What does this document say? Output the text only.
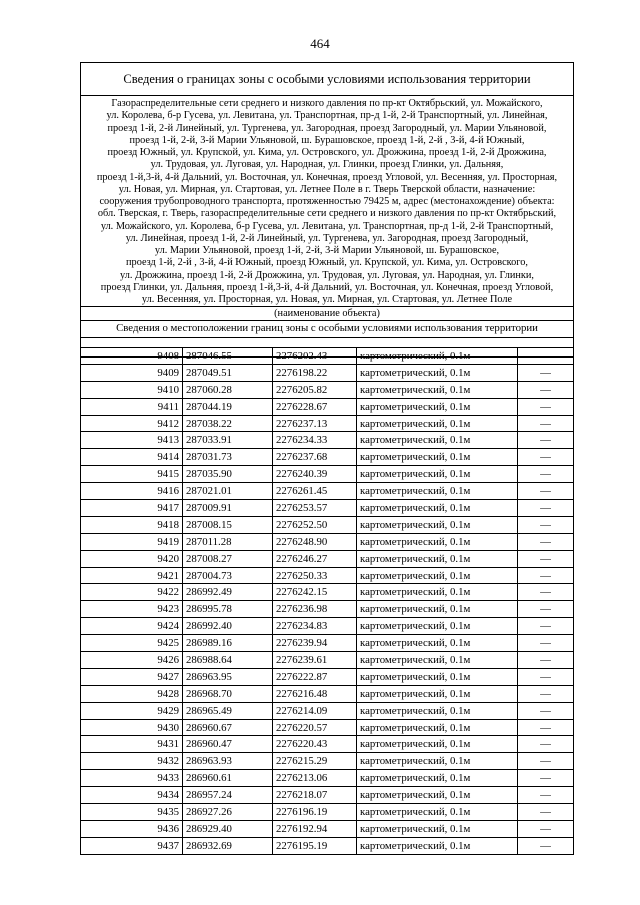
464
Сведения о границах зоны с особыми условиями использования территории
Газораспределительные сети среднего и низкого давления по пр-кт Октябрьский, ул. Можайского,
ул. Королева, б-р Гусева, ул. Левитана, ул. Транспортная, пр-д 1-й, 2-й Транспортный, ул. Линейная,
проезд 1-й, 2-й Линейный, ул. Тургенева, ул. Загородная, проезд Загородный, ул. Марии Ульяновой,
проезд 1-й, 2-й, 3-й Марии Ульяновой, ш. Бурашовское, проезд 1-й, 2-й , 3-й, 4-й Южный,
проезд Южный, ул. Крупской, ул. Кима, ул. Островского, ул. Дрожжина, проезд 1-й, 2-й Дрожжина,
ул. Трудовая, ул. Луговая, ул. Народная, ул. Глинки, проезд Глинки, ул. Дальняя,
проезд 1-й,3-й, 4-й Дальний, ул. Восточная, ул. Конечная, проезд Угловой, ул. Весенняя, ул. Просторная,
ул. Новая, ул. Мирная, ул. Стартовая, ул. Летнее Поле в г. Тверь Тверской области, назначение:
сооружения трубопроводного транспорта, протяженностью 79425 м, адрес (местонахождение) объекта:
обл. Тверская, г. Тверь, газораспределительные сети среднего и низкого давления по пр-кт Октябрьский,
ул. Можайского, ул. Королева, б-р Гусева, ул. Левитана, ул. Транспортная, пр-д 1-й, 2-й Транспортный,
ул. Линейная, проезд 1-й, 2-й Линейный, ул. Тургенева, ул. Загородная, проезд Загородный,
ул. Марии Ульяновой, проезд 1-й, 2-й, 3-й Марии Ульяновой, ш. Бурашовское,
проезд 1-й, 2-й , 3-й, 4-й Южный, проезд Южный, ул. Крупской, ул. Кима, ул. Островского,
ул. Дрожжина, проезд 1-й, 2-й Дрожжина, ул. Трудовая, ул. Луговая, ул. Народная, ул. Глинки,
проезд Глинки, ул. Дальняя, проезд 1-й,3-й, 4-й Дальний, ул. Восточная, ул. Конечная, проезд Угловой,
ул. Весенняя, ул. Просторная, ул. Новая, ул. Мирная, ул. Стартовая, ул. Летнее Поле
(наименование объекта)
Сведения о местоположении границ зоны с особыми условиями использования территории
9408	287046.55	2276202.43	картометрический, 0.1м	—
9409	287049.51	2276198.22	картометрический, 0.1м	—
9410	287060.28	2276205.82	картометрический, 0.1м	—
9411	287044.19	2276228.67	картометрический, 0.1м	—
9412	287038.22	2276237.13	картометрический, 0.1м	—
9413	287033.91	2276234.33	картометрический, 0.1м	—
9414	287031.73	2276237.68	картометрический, 0.1м	—
9415	287035.90	2276240.39	картометрический, 0.1м	—
9416	287021.01	2276261.45	картометрический, 0.1м	—
9417	287009.91	2276253.57	картометрический, 0.1м	—
9418	287008.15	2276252.50	картометрический, 0.1м	—
9419	287011.28	2276248.90	картометрический, 0.1м	—
9420	287008.27	2276246.27	картометрический, 0.1м	—
9421	287004.73	2276250.33	картометрический, 0.1м	—
9422	286992.49	2276242.15	картометрический, 0.1м	—
9423	286995.78	2276236.98	картометрический, 0.1м	—
9424	286992.40	2276234.83	картометрический, 0.1м	—
9425	286989.16	2276239.94	картометрический, 0.1м	—
9426	286988.64	2276239.61	картометрический, 0.1м	—
9427	286963.95	2276222.87	картометрический, 0.1м	—
9428	286968.70	2276216.48	картометрический, 0.1м	—
9429	286965.49	2276214.09	картометрический, 0.1м	—
9430	286960.67	2276220.57	картометрический, 0.1м	—
9431	286960.47	2276220.43	картометрический, 0.1м	—
9432	286963.93	2276215.29	картометрический, 0.1м	—
9433	286960.61	2276213.06	картометрический, 0.1м	—
9434	286957.24	2276218.07	картометрический, 0.1м	—
9435	286927.26	2276196.19	картометрический, 0.1м	—
9436	286929.40	2276192.94	картометрический, 0.1м	—
9437	286932.69	2276195.19	картометрический, 0.1м	—
